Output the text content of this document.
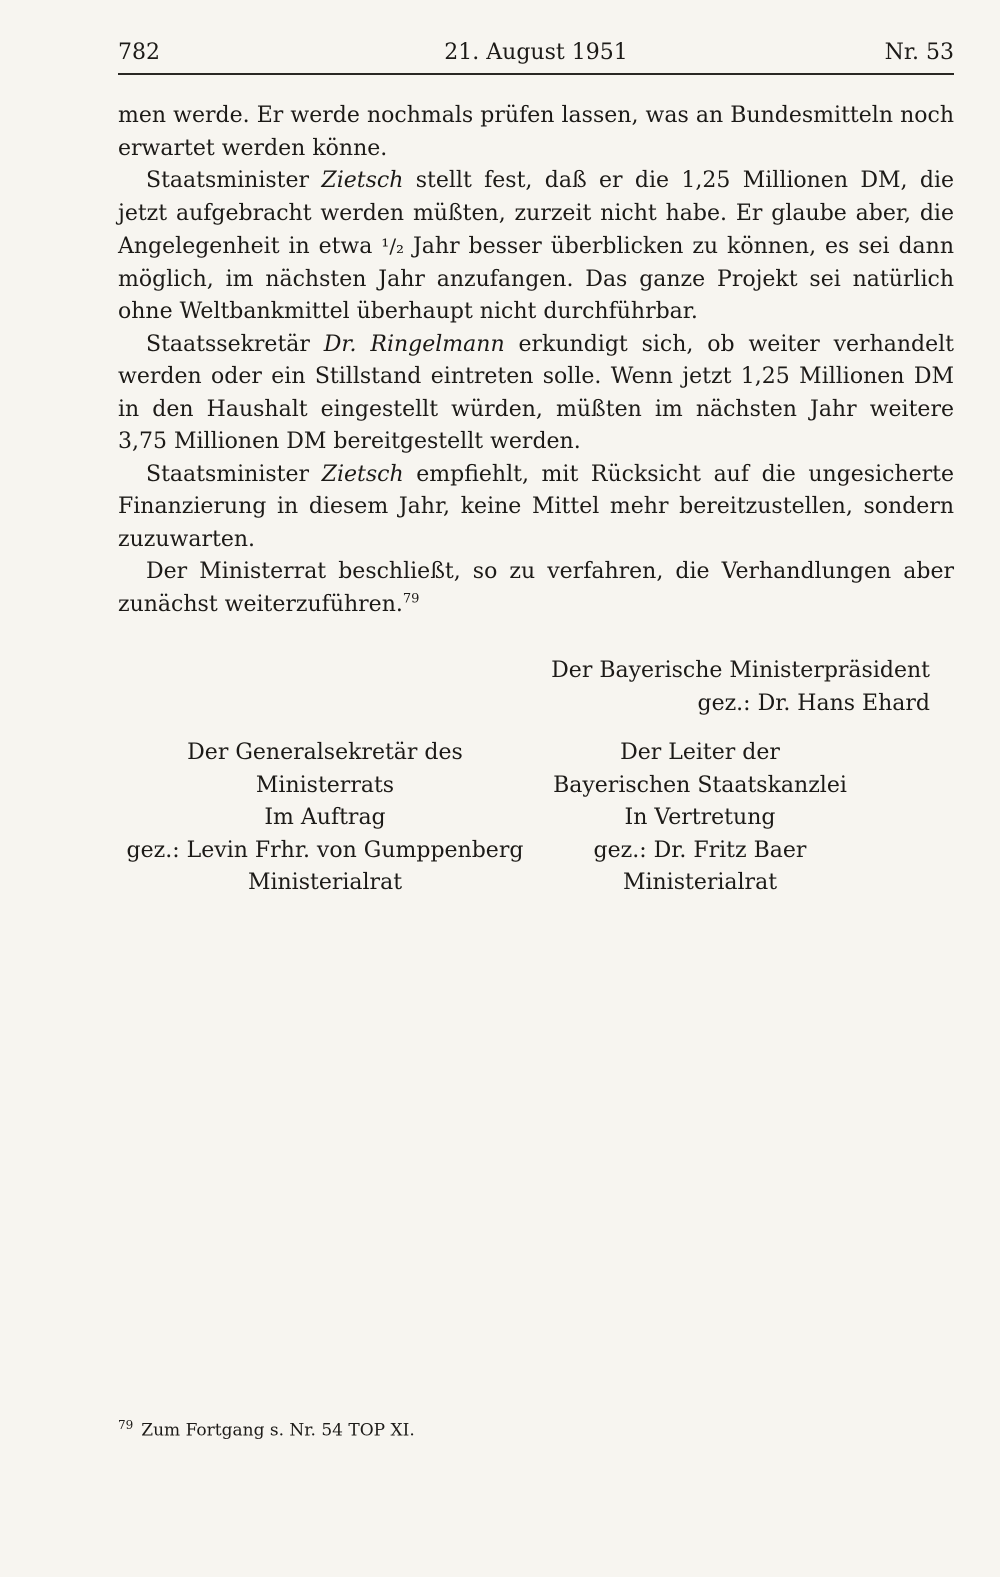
782	21. August 1951	Nr. 53

men werde. Er werde nochmals prüfen lassen, was an Bundesmitteln noch erwartet werden könne.

Staatsminister Zietsch stellt fest, daß er die 1,25 Millionen DM, die jetzt aufgebracht werden müßten, zurzeit nicht habe. Er glaube aber, die Angelegenheit in etwa ¹/₂ Jahr besser überblicken zu können, es sei dann möglich, im nächsten Jahr anzufangen. Das ganze Projekt sei natürlich ohne Weltbankmittel überhaupt nicht durchführbar.

Staatssekretär Dr. Ringelmann erkundigt sich, ob weiter verhandelt werden oder ein Stillstand eintreten solle. Wenn jetzt 1,25 Millionen DM in den Haushalt eingestellt würden, müßten im nächsten Jahr weitere 3,75 Millionen DM bereitgestellt werden.

Staatsminister Zietsch empfiehlt, mit Rücksicht auf die ungesicherte Finanzierung in diesem Jahr, keine Mittel mehr bereitzustellen, sondern zuzuwarten.

Der Ministerrat beschließt, so zu verfahren, die Verhandlungen aber zunächst weiterzuführen.$^{79}$

Der Bayerische Ministerpräsident
gez.: Dr. Hans Ehard
Der Generalsekretär des
Ministerrats
Im Auftrag
gez.: Levin Frhr. von Gumppenberg
Ministerialrat
Der Leiter der
Bayerischen Staatskanzlei
In Vertretung
gez.: Dr. Fritz Baer
Ministerialrat
$^{79}$ Zum Fortgang s. Nr. 54 TOP XI.
